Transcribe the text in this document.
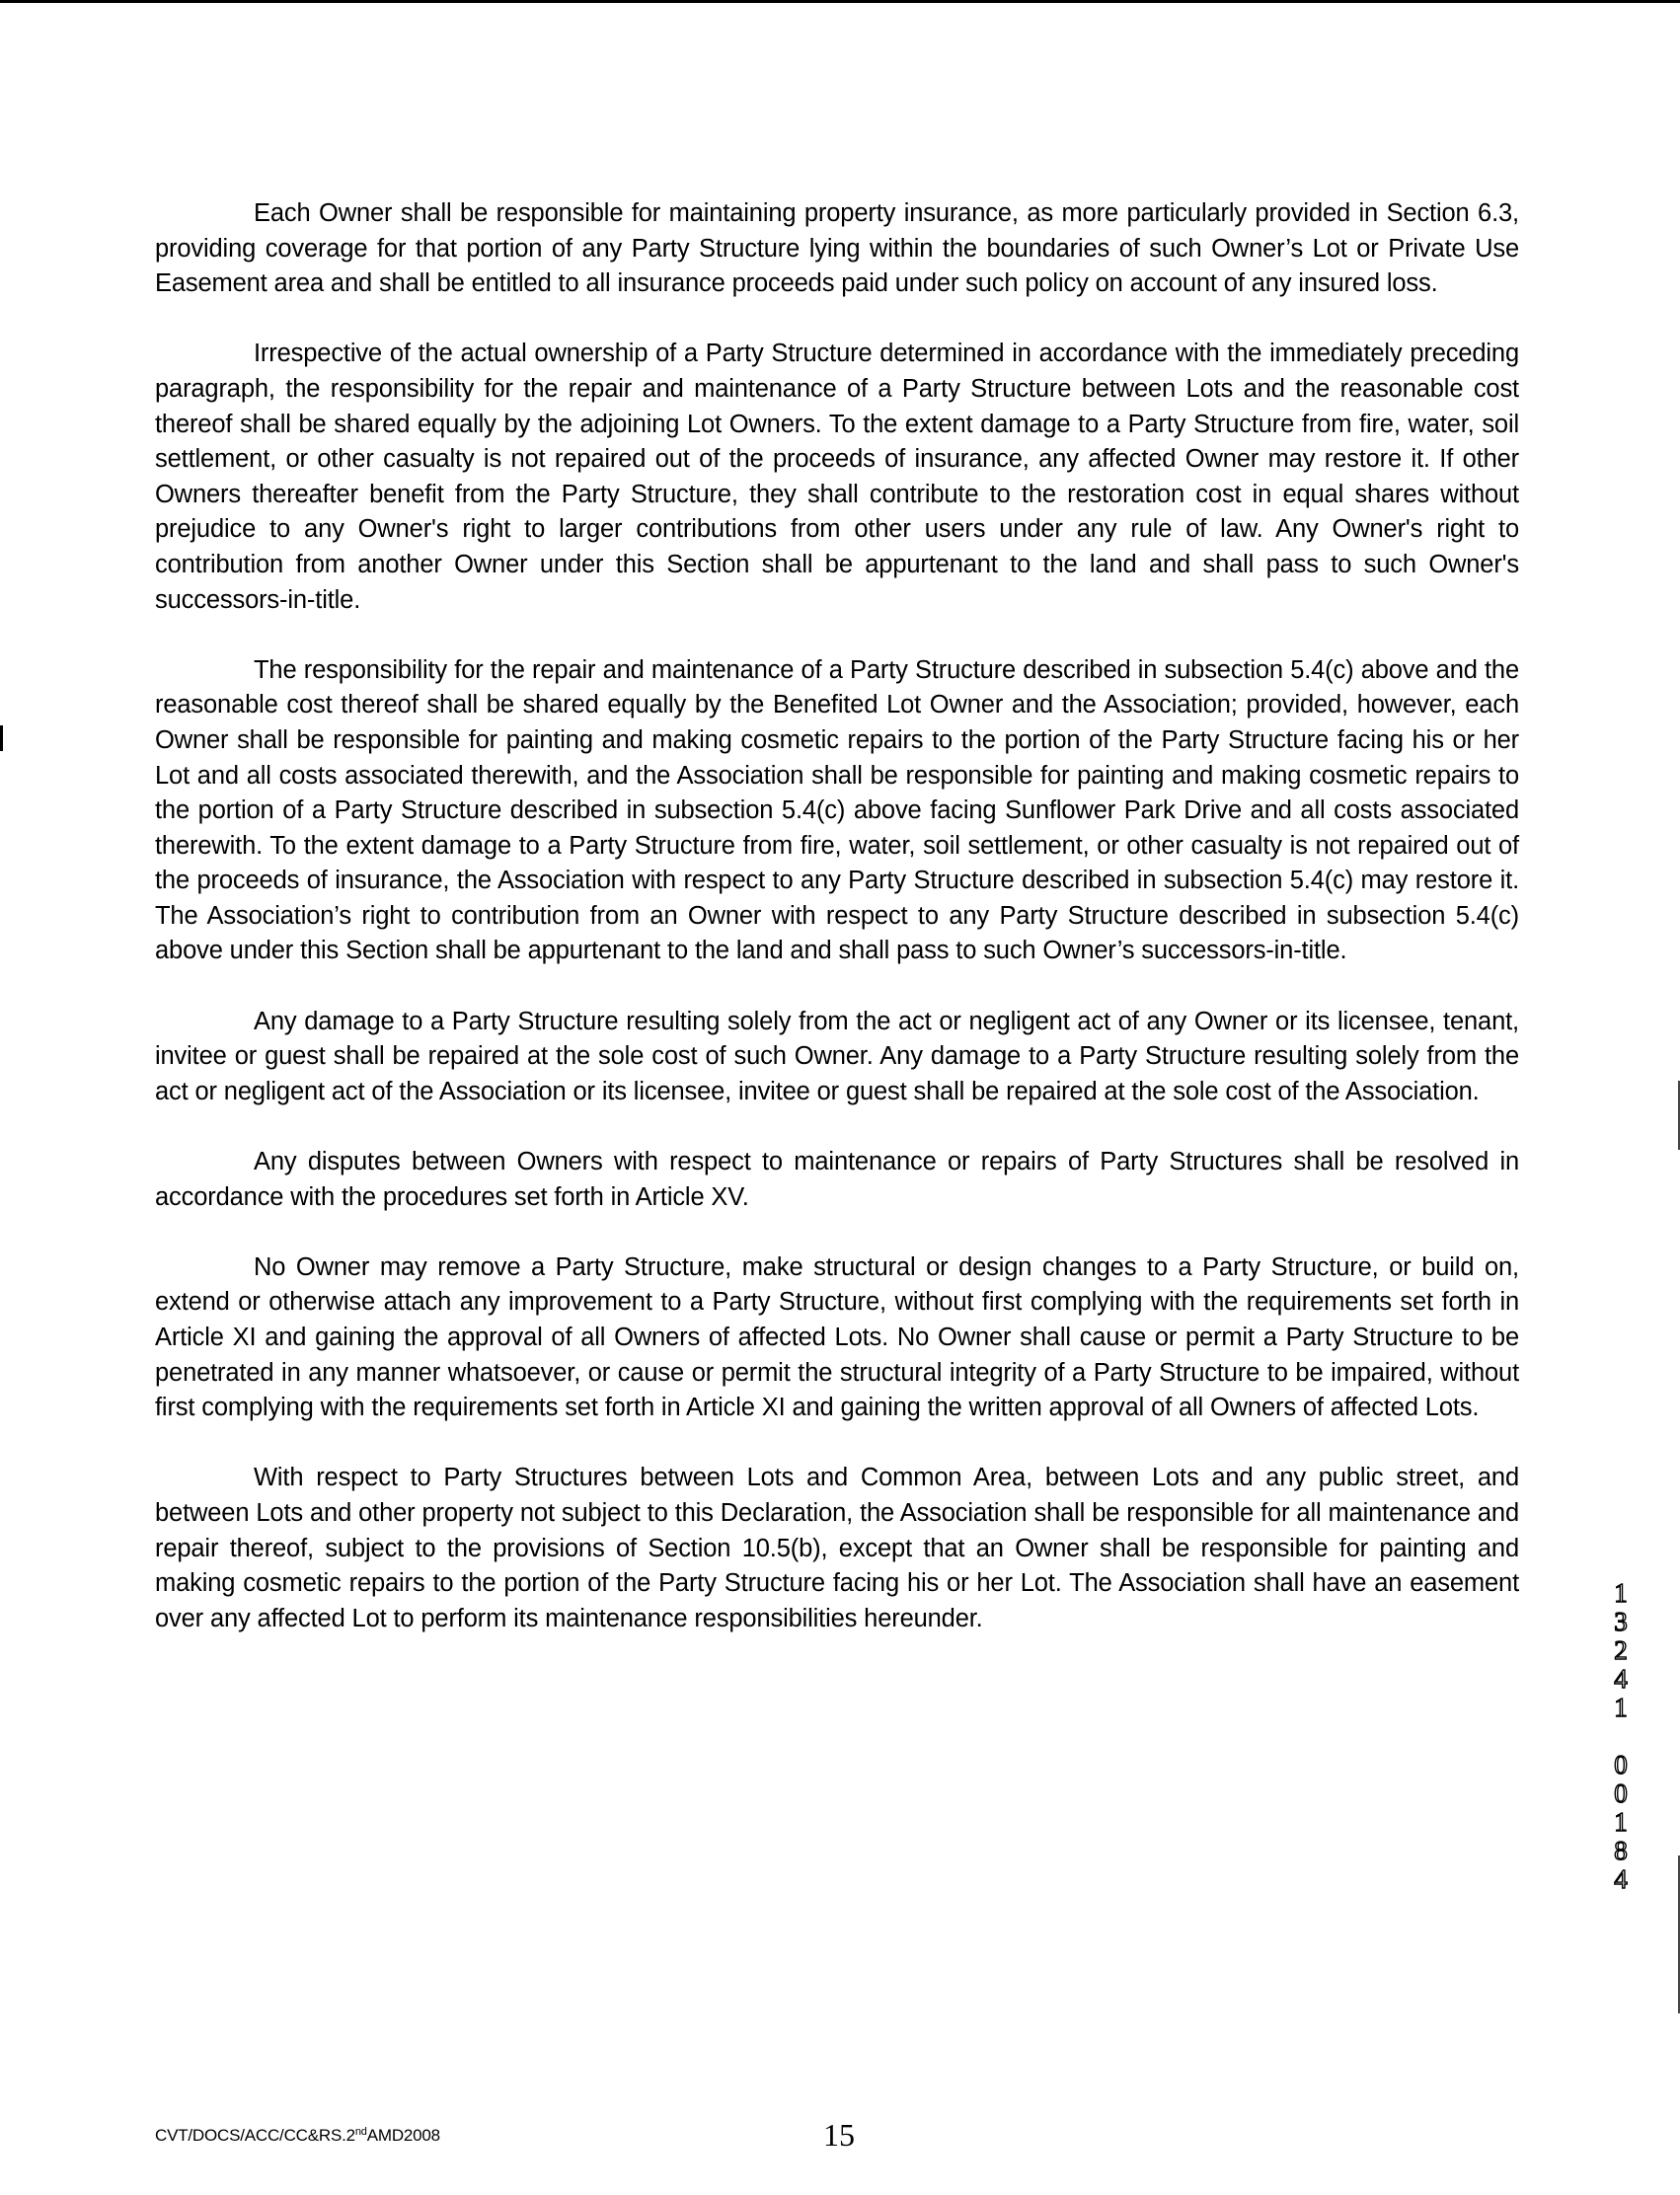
Each Owner shall be responsible for maintaining property insurance, as more particularly provided in Section 6.3, providing coverage for that portion of any Party Structure lying within the boundaries of such Owner’s Lot or Private Use Easement area and shall be entitled to all insurance proceeds paid under such policy on account of any insured loss.

Irrespective of the actual ownership of a Party Structure determined in accordance with the immediately preceding paragraph, the responsibility for the repair and maintenance of a Party Structure between Lots and the reasonable cost thereof shall be shared equally by the adjoining Lot Owners. To the extent damage to a Party Structure from fire, water, soil settlement, or other casualty is not repaired out of the proceeds of insurance, any affected Owner may restore it. If other Owners thereafter benefit from the Party Structure, they shall contribute to the restoration cost in equal shares without prejudice to any Owner's right to larger contributions from other users under any rule of law. Any Owner's right to contribution from another Owner under this Section shall be appurtenant to the land and shall pass to such Owner's successors-in-title.

The responsibility for the repair and maintenance of a Party Structure described in subsection 5.4(c) above and the reasonable cost thereof shall be shared equally by the Benefited Lot Owner and the Association; provided, however, each Owner shall be responsible for painting and making cosmetic repairs to the portion of the Party Structure facing his or her Lot and all costs associated therewith, and the Association shall be responsible for painting and making cosmetic repairs to the portion of a Party Structure described in subsection 5.4(c) above facing Sunflower Park Drive and all costs associated therewith. To the extent damage to a Party Structure from fire, water, soil settlement, or other casualty is not repaired out of the proceeds of insurance, the Association with respect to any Party Structure described in subsection 5.4(c) may restore it. The Association’s right to contribution from an Owner with respect to any Party Structure described in subsection 5.4(c) above under this Section shall be appurtenant to the land and shall pass to such Owner’s successors-in-title.

Any damage to a Party Structure resulting solely from the act or negligent act of any Owner or its licensee, tenant, invitee or guest shall be repaired at the sole cost of such Owner. Any damage to a Party Structure resulting solely from the act or negligent act of the Association or its licensee, invitee or guest shall be repaired at the sole cost of the Association.

Any disputes between Owners with respect to maintenance or repairs of Party Structures shall be resolved in accordance with the procedures set forth in Article XV.

No Owner may remove a Party Structure, make structural or design changes to a Party Structure, or build on, extend or otherwise attach any improvement to a Party Structure, without first complying with the requirements set forth in Article XI and gaining the approval of all Owners of affected Lots. No Owner shall cause or permit a Party Structure to be penetrated in any manner whatsoever, or cause or permit the structural integrity of a Party Structure to be impaired, without first complying with the requirements set forth in Article XI and gaining the written approval of all Owners of affected Lots.

With respect to Party Structures between Lots and Common Area, between Lots and any public street, and between Lots and other property not subject to this Declaration, the Association shall be responsible for all maintenance and repair thereof, subject to the provisions of Section 10.5(b), except that an Owner shall be responsible for painting and making cosmetic repairs to the portion of the Party Structure facing his or her Lot. The Association shall have an easement over any affected Lot to perform its maintenance responsibilities hereunder.

CVT/DOCS/ACC/CC&RS.2ndAMD2008	15
1
3
2
4
1
0
0
1
8
4
